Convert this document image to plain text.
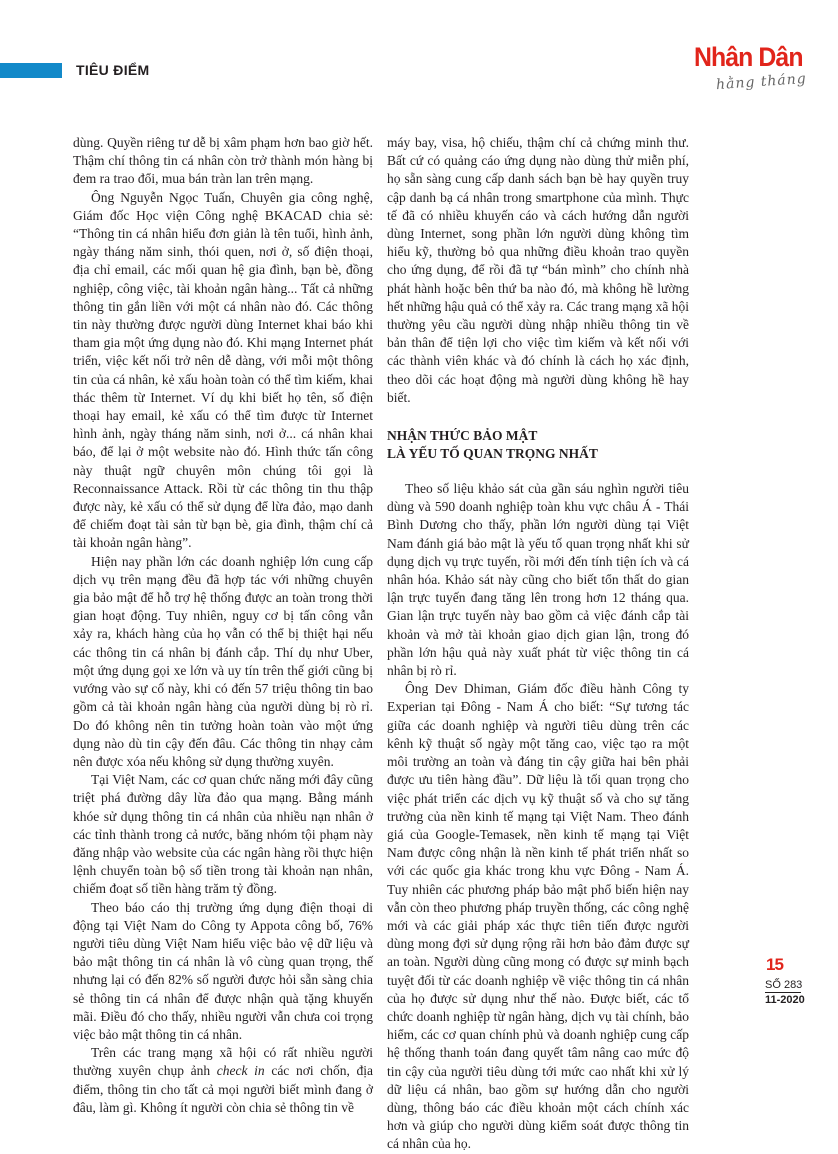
TIÊU ĐIỂM	Nhân Dân
hằng tháng

dùng. Quyền riêng tư dễ bị xâm phạm hơn bao giờ hết. Thậm chí thông tin cá nhân còn trở thành món hàng bị đem ra trao đổi, mua bán tràn lan trên mạng.

Ông Nguyễn Ngọc Tuấn, Chuyên gia công nghệ, Giám đốc Học viện Công nghệ BKACAD chia sẻ: “Thông tin cá nhân hiểu đơn giản là tên tuổi, hình ảnh, ngày tháng năm sinh, thói quen, nơi ở, số điện thoại, địa chỉ email, các mối quan hệ gia đình, bạn bè, đồng nghiệp, công việc, tài khoản ngân hàng... Tất cả những thông tin gắn liền với một cá nhân nào đó. Các thông tin này thường được người dùng Internet khai báo khi tham gia một ứng dụng nào đó. Khi mạng Internet phát triển, việc kết nối trở nên dễ dàng, với mỗi một thông tin của cá nhân, kẻ xấu hoàn toàn có thể tìm kiếm, khai thác thêm từ Internet. Ví dụ khi biết họ tên, số điện thoại hay email, kẻ xấu có thể tìm được từ Internet hình ảnh, ngày tháng năm sinh, nơi ở... cá nhân khai báo, để lại ở một website nào đó. Hình thức tấn công này thuật ngữ chuyên môn chúng tôi gọi là Reconnaissance Attack. Rồi từ các thông tin thu thập được này, kẻ xấu có thể sử dụng để lừa đảo, mạo danh để chiếm đoạt tài sản từ bạn bè, gia đình, thậm chí cả tài khoản ngân hàng”.

Hiện nay phần lớn các doanh nghiệp lớn cung cấp dịch vụ trên mạng đều đã hợp tác với những chuyên gia bảo mật để hỗ trợ hệ thống được an toàn trong thời gian hoạt động. Tuy nhiên, nguy cơ bị tấn công vẫn xảy ra, khách hàng của họ vẫn có thể bị thiệt hại nếu các thông tin cá nhân bị đánh cắp. Thí dụ như Uber, một ứng dụng gọi xe lớn và uy tín trên thế giới cũng bị vướng vào sự cố này, khi có đến 57 triệu thông tin bao gồm cả tài khoản ngân hàng của người dùng bị rò rỉ. Do đó không nên tin tưởng hoàn toàn vào một ứng dụng nào dù tin cậy đến đâu. Các thông tin nhạy cảm nên được xóa nếu không sử dụng thường xuyên.

Tại Việt Nam, các cơ quan chức năng mới đây cũng triệt phá đường dây lừa đảo qua mạng. Bằng mánh khóe sử dụng thông tin cá nhân của nhiều nạn nhân ở các tỉnh thành trong cả nước, băng nhóm tội phạm này đăng nhập vào website của các ngân hàng rồi thực hiện lệnh chuyển toàn bộ số tiền trong tài khoản nạn nhân, chiếm đoạt số tiền hàng trăm tỷ đồng.

Theo báo cáo thị trường ứng dụng điện thoại di động tại Việt Nam do Công ty Appota công bố, 76% người tiêu dùng Việt Nam hiểu việc bảo vệ dữ liệu và bảo mật thông tin cá nhân là vô cùng quan trọng, thế nhưng lại có đến 82% số người được hỏi sẵn sàng chia sẻ thông tin cá nhân để được nhận quà tặng khuyến mãi. Điều đó cho thấy, nhiều người vẫn chưa coi trọng việc bảo mật thông tin cá nhân.

Trên các trang mạng xã hội có rất nhiều người thường xuyên chụp ảnh check in các nơi chốn, địa điểm, thông tin cho tất cả mọi người biết mình đang ở đâu, làm gì. Không ít người còn chia sẻ thông tin về

máy bay, visa, hộ chiếu, thậm chí cả chứng minh thư. Bất cứ có quảng cáo ứng dụng nào dùng thử miễn phí, họ sẵn sàng cung cấp danh sách bạn bè hay quyền truy cập danh bạ cá nhân trong smartphone của mình. Thực tế đã có nhiều khuyến cáo và cách hướng dẫn người dùng Internet, song phần lớn người dùng không tìm hiểu kỹ, thường bỏ qua những điều khoản trao quyền cho ứng dụng, để rồi đã tự “bán mình” cho chính nhà phát hành hoặc bên thứ ba nào đó, mà không hề lường hết những hậu quả có thể xảy ra. Các trang mạng xã hội thường yêu cầu người dùng nhập nhiều thông tin về bản thân để tiện lợi cho việc tìm kiếm và kết nối với các thành viên khác và đó chính là cách họ xác định, theo dõi các hoạt động mà người dùng không hề hay biết.

NHẬN THỨC BẢO MẬT
LÀ YẾU TỐ QUAN TRỌNG NHẤT

Theo số liệu khảo sát của gần sáu nghìn người tiêu dùng và 590 doanh nghiệp toàn khu vực châu Á - Thái Bình Dương cho thấy, phần lớn người dùng tại Việt Nam đánh giá bảo mật là yếu tố quan trọng nhất khi sử dụng dịch vụ trực tuyến, rồi mới đến tính tiện ích và cá nhân hóa. Khảo sát này cũng cho biết tổn thất do gian lận trực tuyến đang tăng lên trong hơn 12 tháng qua. Gian lận trực tuyến này bao gồm cả việc đánh cắp tài khoản và mở tài khoản giao dịch gian lận, trong đó phần lớn hậu quả này xuất phát từ việc thông tin cá nhân bị rò rỉ.

Ông Dev Dhiman, Giám đốc điều hành Công ty Experian tại Đông - Nam Á cho biết: “Sự tương tác giữa các doanh nghiệp và người tiêu dùng trên các kênh kỹ thuật số ngày một tăng cao, việc tạo ra một môi trường an toàn và đáng tin cậy giữa hai bên phải được ưu tiên hàng đầu”. Dữ liệu là tối quan trọng cho việc phát triển các dịch vụ kỹ thuật số và cho sự tăng trưởng của nền kinh tế mạng tại Việt Nam. Theo đánh giá của Google-Temasek, nền kinh tế mạng tại Việt Nam được công nhận là nền kinh tế phát triển nhất so với các quốc gia khác trong khu vực Đông - Nam Á. Tuy nhiên các phương pháp bảo mật phổ biến hiện nay vẫn còn theo phương pháp truyền thống, các công nghệ mới và các giải pháp xác thực tiên tiến được người dùng mong đợi sử dụng rộng rãi hơn bảo đảm được sự an toàn. Người dùng cũng mong có được sự minh bạch tuyệt đối từ các doanh nghiệp về việc thông tin cá nhân của họ được sử dụng như thế nào. Được biết, các tổ chức doanh nghiệp từ ngân hàng, dịch vụ tài chính, bảo hiểm, các cơ quan chính phủ và doanh nghiệp cung cấp hệ thống thanh toán đang quyết tâm nâng cao mức độ tin cậy của người tiêu dùng tới mức cao nhất khi xử lý dữ liệu cá nhân, bao gồm sự hướng dẫn cho người dùng, thông báo các điều khoản một cách chính xác hơn và giúp cho người dùng kiểm soát được thông tin cá nhân của họ.

15
SỐ 283
11-2020
